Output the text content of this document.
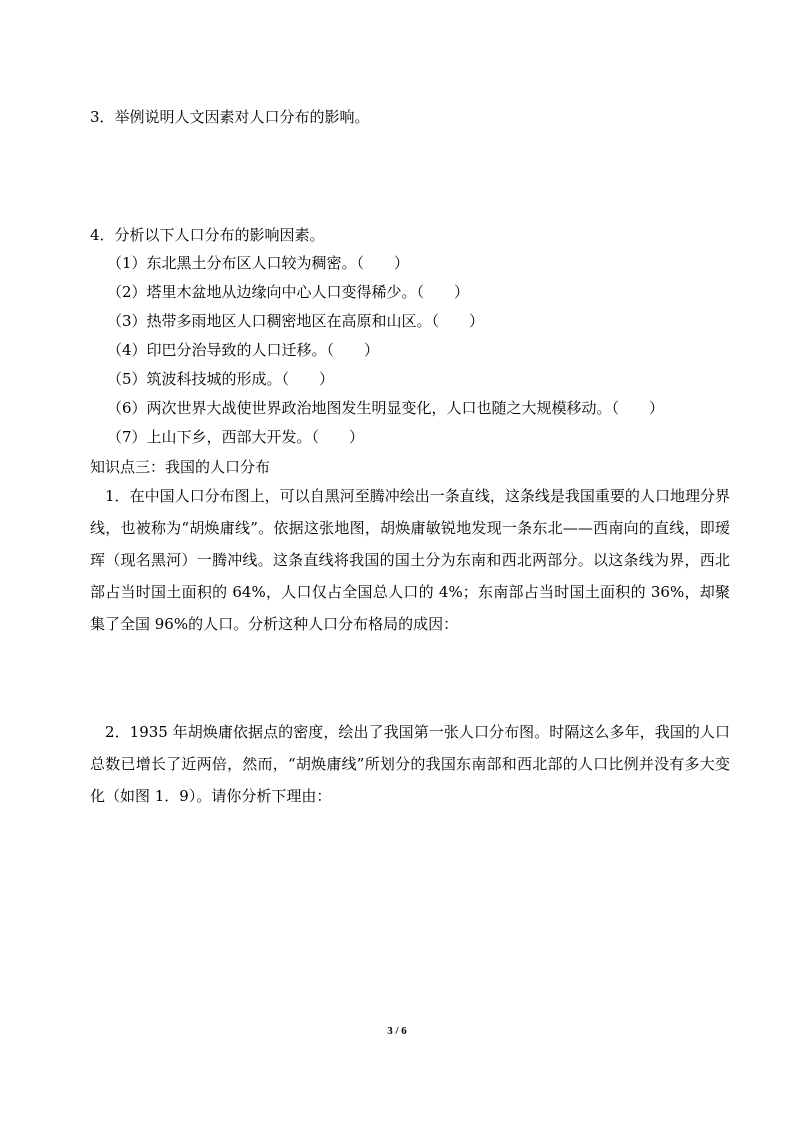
3．举例说明人文因素对人口分布的影响。
4．分析以下人口分布的影响因素。
（1）东北黑土分布区人口较为稠密。（　　）
（2）塔里木盆地从边缘向中心人口变得稀少。（　　）
（3）热带多雨地区人口稠密地区在高原和山区。（　　）
（4）印巴分治导致的人口迁移。（　　）
（5）筑波科技城的形成。（　　）
（6）两次世界大战使世界政治地图发生明显变化，人口也随之大规模移动。（　　）
（7）上山下乡，西部大开发。（　　）
知识点三：我国的人口分布
1．在中国人口分布图上，可以自黑河至腾冲绘出一条直线，这条线是我国重要的人口地理分界线，也被称为“胡焕庸线”。依据这张地图，胡焕庸敏锐地发现一条东北——西南向的直线，即瑷珲（现名黑河）一腾冲线。这条直线将我国的国土分为东南和西北两部分。以这条线为界，西北部占当时国土面积的 64%，人口仅占全国总人口的 4%；东南部占当时国土面积的 36%，却聚集了全国 96%的人口。分析这种人口分布格局的成因：
2．1935 年胡焕庸依据点的密度，绘出了我国第一张人口分布图。时隔这么多年，我国的人口总数已增长了近两倍，然而，“胡焕庸线”所划分的我国东南部和西北部的人口比例并没有多大变化（如图 1．9）。请你分析下理由：
3 / 6
